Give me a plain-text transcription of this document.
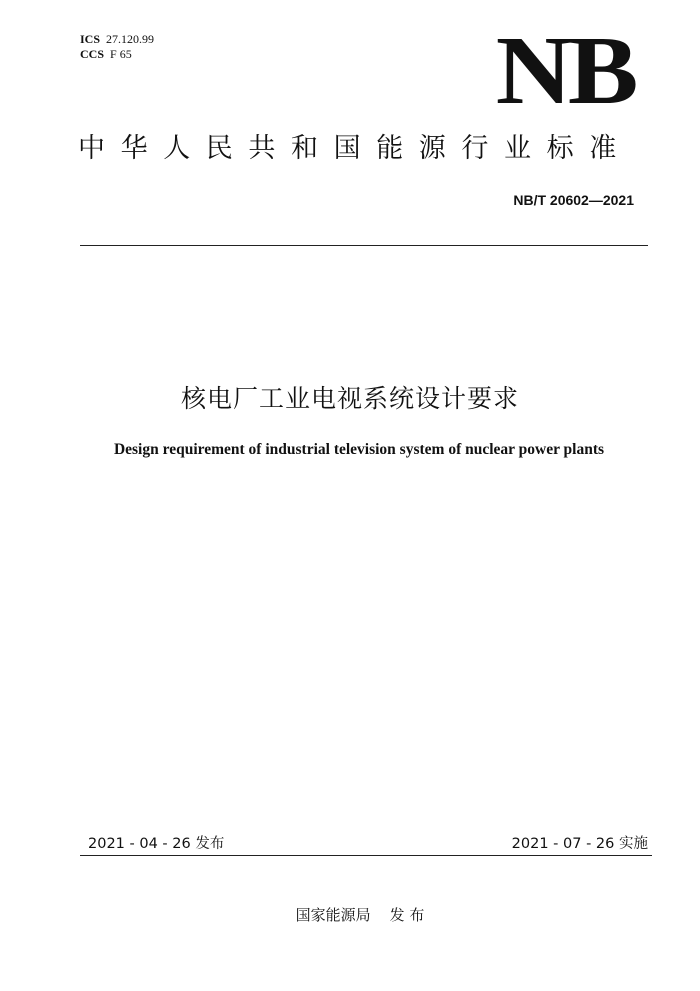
ICS 27.120.99
CCS F 65	NB
中华人民共和国能源行业标准
NB/T 20602—2021
核电厂工业电视系统设计要求
Design requirement of industrial television system of nuclear power plants
2021 - 04 - 26 发布	2021 - 07 - 26 实施
国家能源局    发 布
